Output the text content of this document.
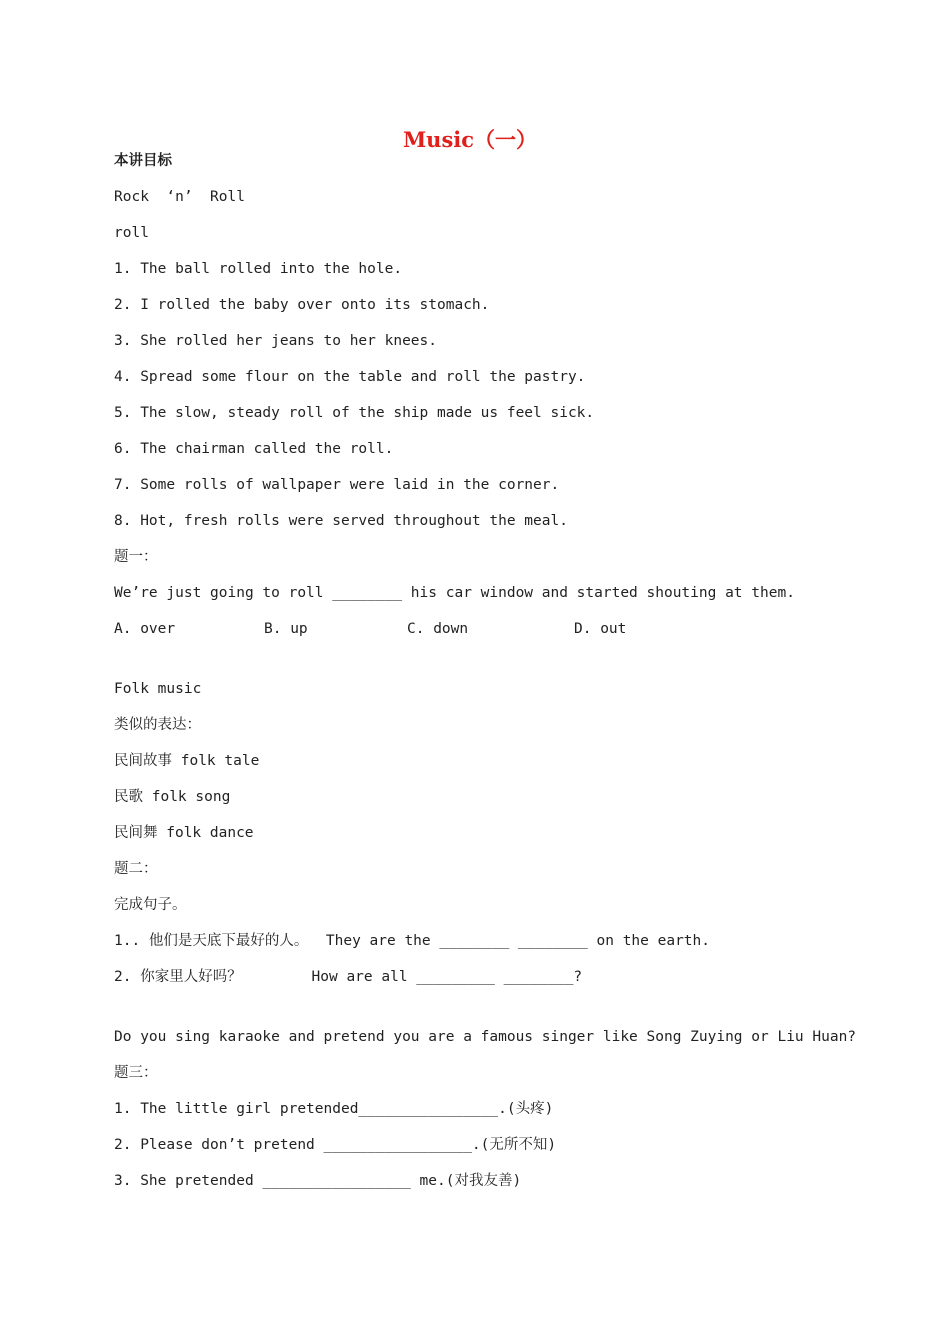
Music（一）
本讲目标
Rock  ‘n’  Roll
roll
1. The ball rolled into the hole.
2. I rolled the baby over onto its stomach.
3. She rolled her jeans to her knees.
4. Spread some flour on the table and roll the pastry.
5. The slow, steady roll of the ship made us feel sick.
6. The chairman called the roll.
7. Some rolls of wallpaper were laid in the corner.
8. Hot, fresh rolls were served throughout the meal.
题一：
We’re just going to roll ________ his car window and started shouting at them.
A. over	B. up	C. down	D. out
Folk music
类似的表达：
民间故事 folk tale
民歌 folk song
民间舞 folk dance
题二：
完成句子。
1.. 他们是天底下最好的人。  They are the ________ ________ on the earth.
2. 你家里人好吗？        How are all _________ ________?
Do you sing karaoke and pretend you are a famous singer like Song Zuying or Liu Huan?
题三：
1. The little girl pretended________________.(头疼)
2. Please don’t pretend _________________.(无所不知)
3. She pretended _________________ me.(对我友善)
